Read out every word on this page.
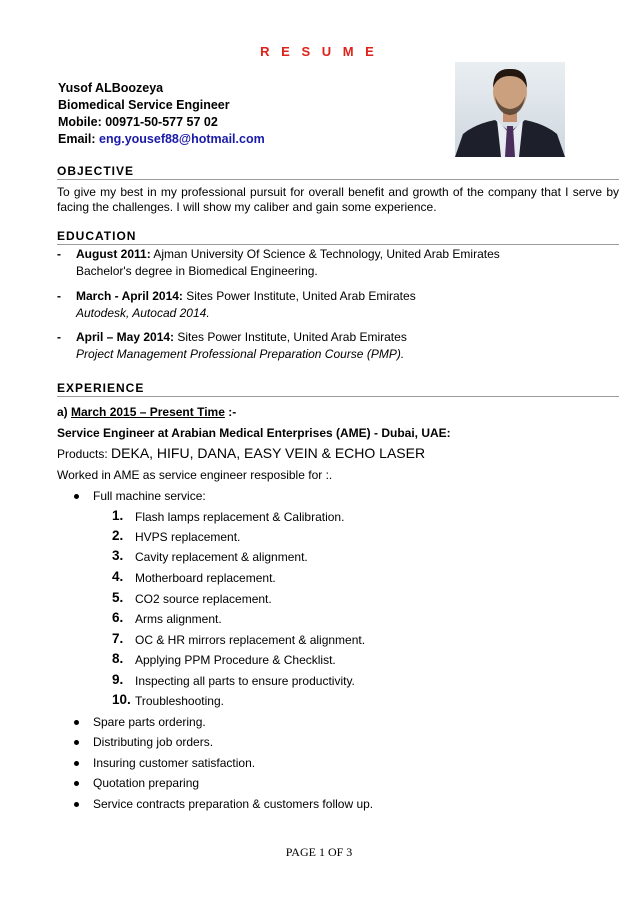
R E S U M E
Yusof ALBoozeya
Biomedical Service Engineer
Mobile: 00971-50-577 57 02
Email: eng.yousef88@hotmail.com
OBJECTIVE
To give my best in my professional pursuit for overall benefit and growth of the company that I serve by facing the challenges. I will show my caliber and gain some experience.
EDUCATION
- August 2011: Ajman University Of Science & Technology, United Arab Emirates
Bachelor's degree in Biomedical Engineering.
- March - April 2014: Sites Power Institute, United Arab Emirates
Autodesk, Autocad 2014.
- April – May 2014: Sites Power Institute, United Arab Emirates
Project Management Professional Preparation Course (PMP).
EXPERIENCE
a) March 2015 – Present Time :-
Service Engineer at Arabian Medical Enterprises (AME) - Dubai, UAE:
Products: DEKA, HIFU, DANA, EASY VEIN & ECHO LASER
Worked in AME as service engineer resposible for :.
Full machine service:
1. Flash lamps replacement & Calibration.
2. HVPS replacement.
3. Cavity replacement & alignment.
4. Motherboard replacement.
5. CO2 source replacement.
6. Arms alignment.
7. OC & HR mirrors replacement & alignment.
8. Applying PPM Procedure & Checklist.
9. Inspecting all parts to ensure productivity.
10. Troubleshooting.
Spare parts ordering.
Distributing job orders.
Insuring customer satisfaction.
Quotation preparing
Service contracts preparation & customers follow up.
PAGE 1 OF 3
